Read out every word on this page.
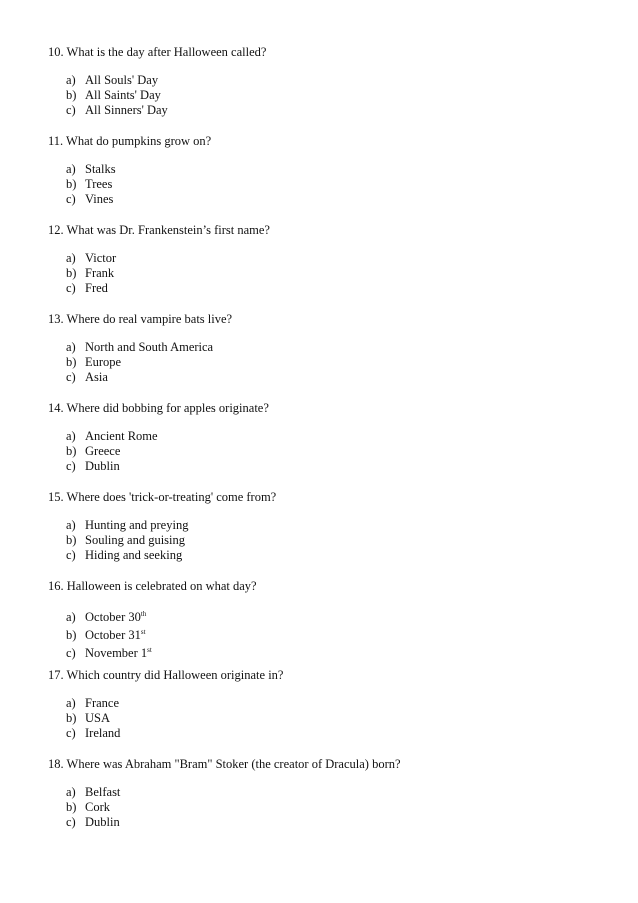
10. What is the day after Halloween called?
a) All Souls' Day
b) All Saints' Day
c) All Sinners' Day
11. What do pumpkins grow on?
a) Stalks
b) Trees
c) Vines
12. What was Dr. Frankenstein’s first name?
a) Victor
b) Frank
c) Fred
13. Where do real vampire bats live?
a) North and South America
b) Europe
c) Asia
14. Where did bobbing for apples originate?
a) Ancient Rome
b) Greece
c) Dublin
15. Where does 'trick-or-treating' come from?
a) Hunting and preying
b) Souling and guising
c) Hiding and seeking
16. Halloween is celebrated on what day?
a) October 30th
b) October 31st
c) November 1st
17. Which country did Halloween originate in?
a) France
b) USA
c) Ireland
18. Where was Abraham "Bram" Stoker (the creator of Dracula) born?
a) Belfast
b) Cork
c) Dublin
